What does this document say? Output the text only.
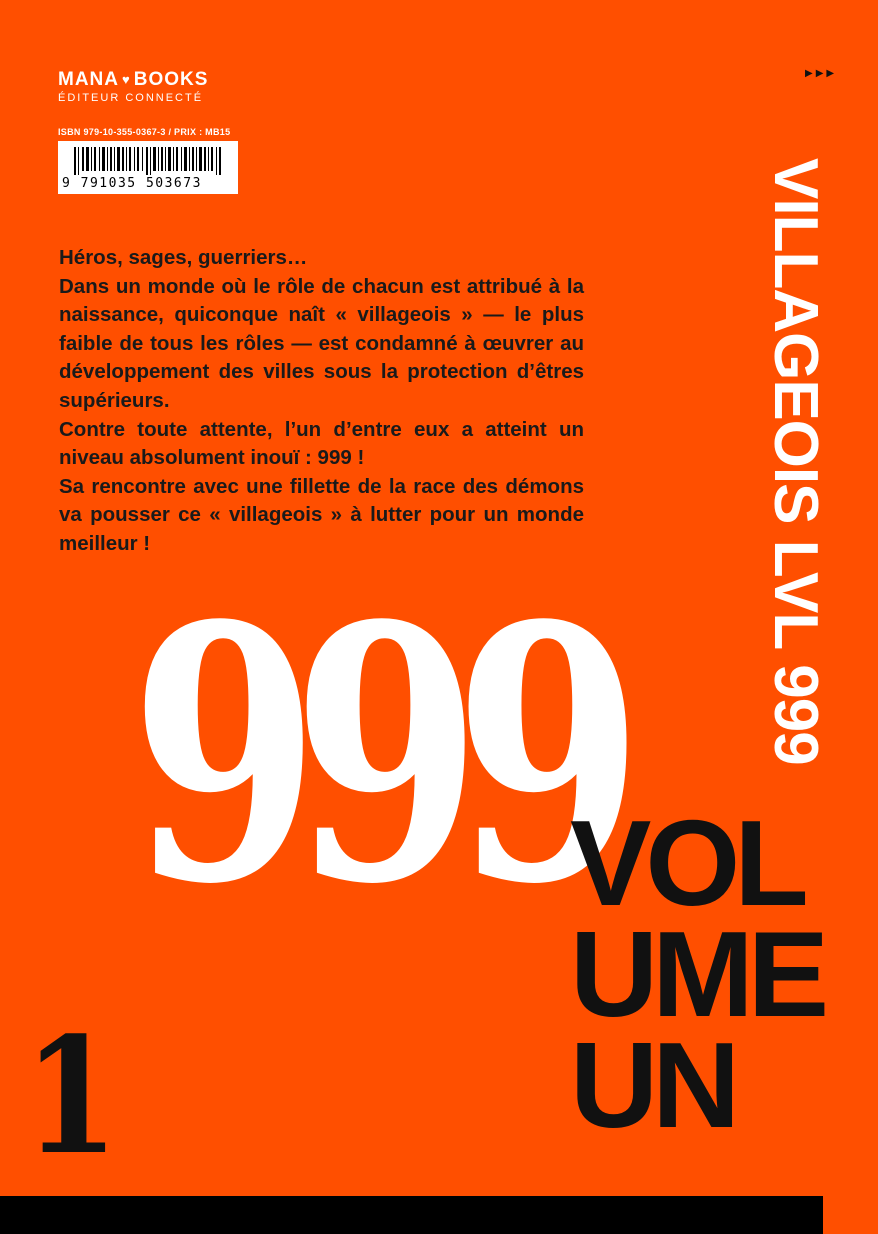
MANA ♥ BOOKS
ÉDITEUR CONNECTÉ
▶▶▶
ISBN 979-10-355-0367-3 / PRIX : MB15
9 791035 503673

Héros, sages, guerriers…

Dans un monde où le rôle de chacun est attribué à la naissance, quiconque naît « villageois » — le plus faible de tous les rôles — est condamné à œuvrer au développement des villes sous la protection d’êtres supérieurs.

Contre toute attente, l’un d’entre eux a atteint un niveau absolument inouï : 999 !

Sa rencontre avec une fillette de la race des démons va pousser ce « villageois » à lutter pour un monde meilleur !	VILLAGEOIS LVL 999
999
VOL
UME
UN
1
